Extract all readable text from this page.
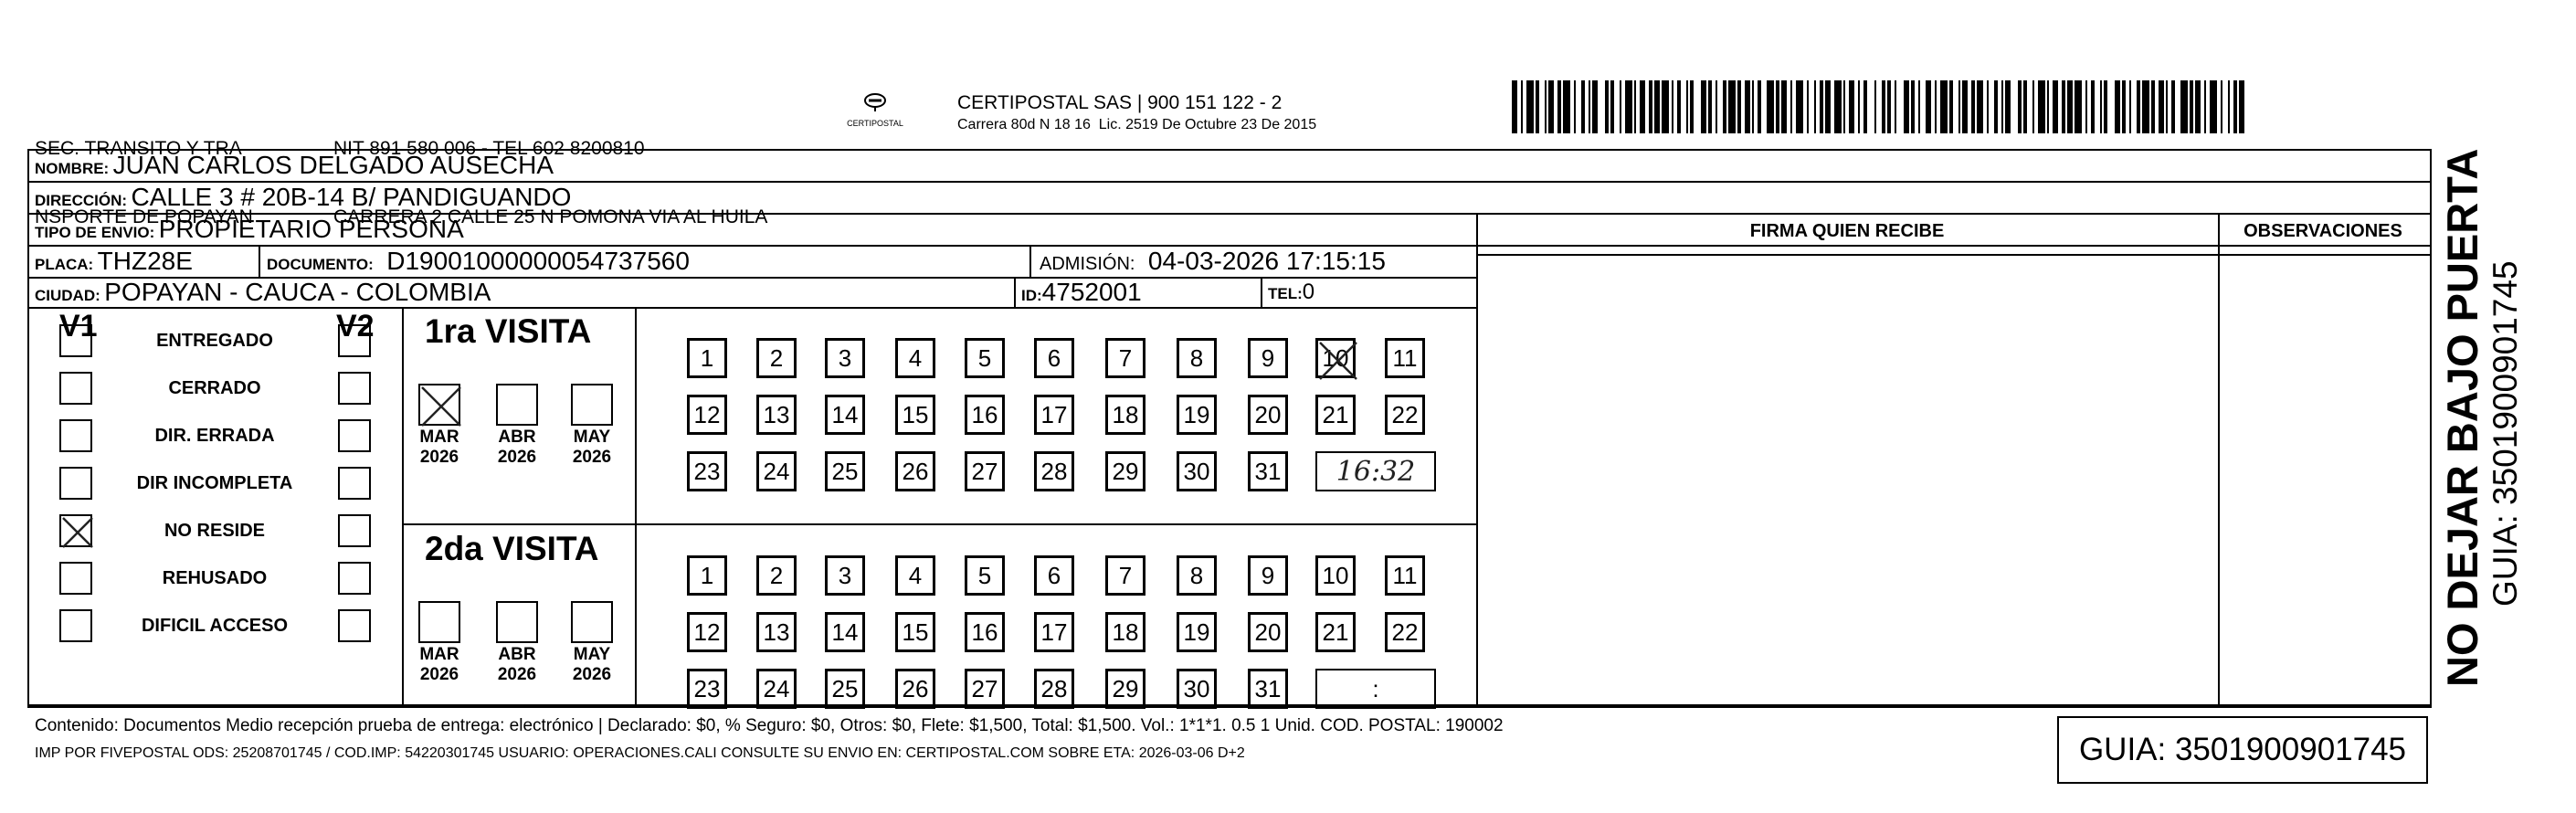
SEC. TRANSITO Y TRA

NSPORTE DE POPAYAN

NIT 891 580 006 - TEL 602 8200810

CARRERA 2 CALLE 25 N POMONA VIA AL HUILA

CERTIPOSTAL
CERTIPOSTAL SAS | 900 151 122 - 2
Carrera 80d N 18 16  Lic. 2519 De Octubre 23 De 2015
NOMBRE: JUAN CARLOS DELGADO AUSECHA
DIRECCIÓN: CALLE 3 # 20B-14 B/ PANDIGUANDO
TIPO DE ENVIO: PROPIETARIO PERSONA	FIRMA QUIEN RECIBE	OBSERVACIONES
PLACA: THZ28E	DOCUMENTO: D19001000000054737560	ADMISIÓN: 04-03-2026 17:15:15
CIUDAD: POPAYAN - CAUCA - COLOMBIA	ID:4752001	TEL:0
V1	V2
ENTREGADO
CERRADO
DIR. ERRADA
DIR INCOMPLETA
NO RESIDE
REHUSADO
DIFICIL ACCESO
1ra VISITA
MAR
2026
ABR
2026
MAY
2026
1 2 3 4 5 6 7 8 9 10 11
12 13 14 15 16 17 18 19 20 21 22
23 24 25 26 27 28 29 30 31 16:32
2da VISITA
MAR
2026
ABR
2026
MAY
2026
1 2 3 4 5 6 7 8 9 10 11
12 13 14 15 16 17 18 19 20 21 22
23 24 25 26 27 28 29 30 31	:
Contenido: Documentos Medio recepción prueba de entrega: electrónico | Declarado: $0, % Seguro: $0, Otros: $0, Flete: $1,500, Total: $1,500. Vol.: 1*1*1. 0.5 1 Unid. COD. POSTAL: 190002
IMP POR FIVEPOSTAL ODS: 25208701745 / COD.IMP: 54220301745 USUARIO: OPERACIONES.CALI CONSULTE SU ENVIO EN: CERTIPOSTAL.COM SOBRE ETA: 2026-03-06 D+2	GUIA: 3501900901745
NO DEJAR BAJO PUERTA GUIA: 3501900901745
